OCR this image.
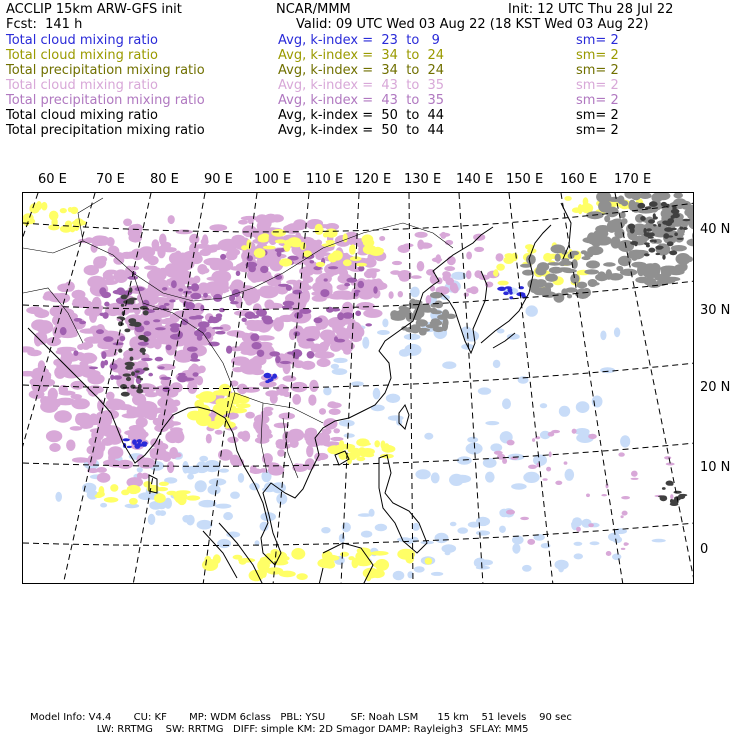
ACCLIP 15km ARW-GFS init	NCAR/MMM	Init: 12 UTC Thu 28 Jul 22
Fcst:  141 h	Valid: 09 UTC Wed 03 Aug 22 (18 KST Wed 03 Aug 22)
Total cloud mixing ratio	Avg, k-index =  23  to   9	sm= 2
Total cloud mixing ratio	Avg, k-index =  34  to  24	sm= 2
Total precipitation mixing ratio	Avg, k-index =  34  to  24	sm= 2
Total cloud mixing ratio	Avg, k-index =  43  to  35	sm= 2
Total precipitation mixing ratio	Avg, k-index =  43  to  35	sm= 2
Total cloud mixing ratio	Avg, k-index =  50  to  44	sm= 2
Total precipitation mixing ratio	Avg, k-index =  50  to  44	sm= 2
60 E 70 E 80 E 90 E 100 E 110 E 120 E 130 E 140 E 150 E 160 E 170 E
40 N
30 N
20 N
10 N
0
Model Info: V4.4       CU: KF       MP: WDM 6class   PBL: YSU        SF: Noah LSM      15 km    51 levels    90 sec
LW: RRTMG    SW: RRTMG   DIFF: simple KM: 2D Smagor DAMP: Rayleigh3  SFLAY: MM5
